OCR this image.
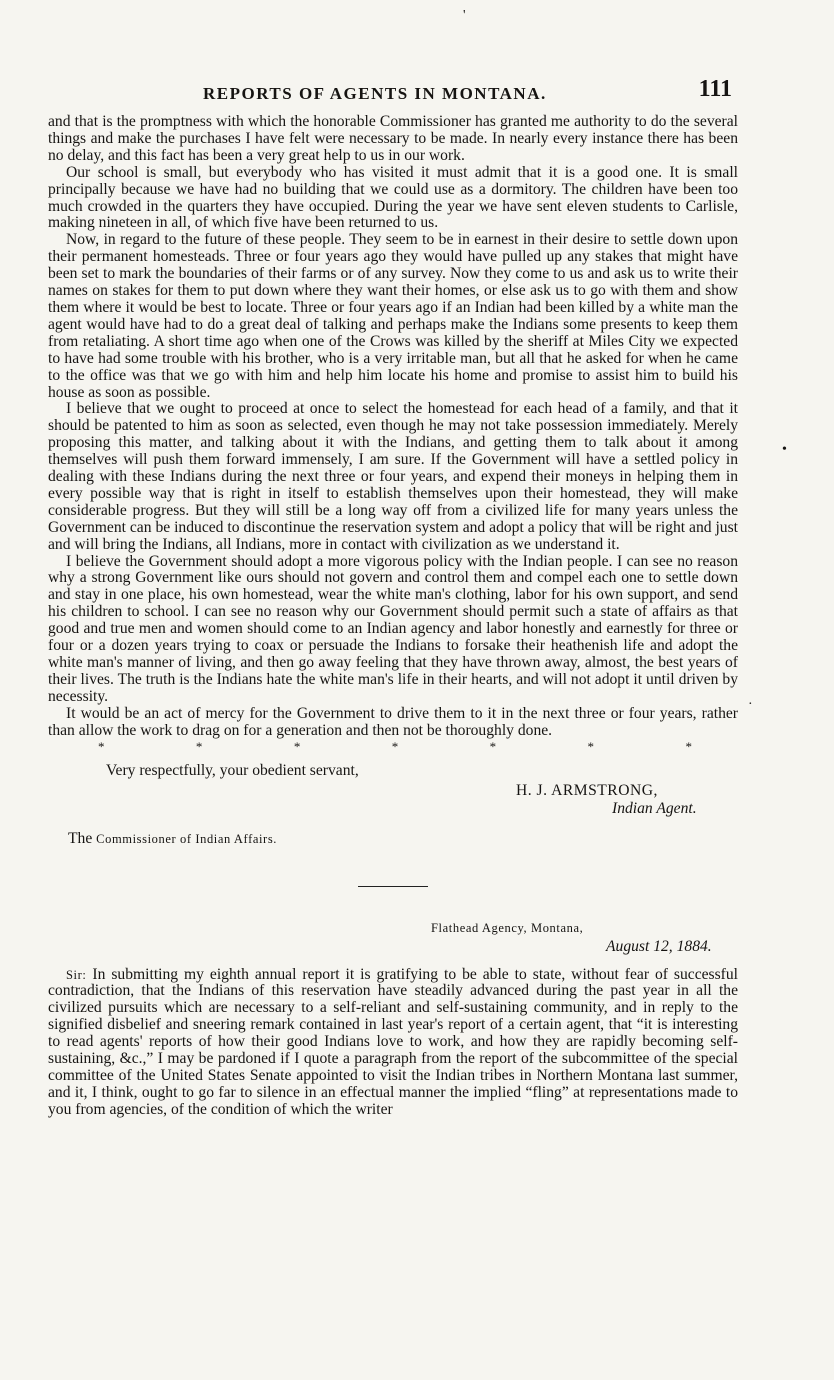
'
•
·
REPORTS OF AGENTS IN MONTANA.	111

and that is the promptness with which the honorable Commissioner has granted me authority to do the several things and make the purchases I have felt were necessary to be made. In nearly every instance there has been no delay, and this fact has been a very great help to us in our work.

Our school is small, but everybody who has visited it must admit that it is a good one. It is small principally because we have had no building that we could use as a dormitory. The children have been too much crowded in the quarters they have occupied. During the year we have sent eleven students to Carlisle, making nineteen in all, of which five have been returned to us.

Now, in regard to the future of these people. They seem to be in earnest in their desire to settle down upon their permanent homesteads. Three or four years ago they would have pulled up any stakes that might have been set to mark the boundaries of their farms or of any survey. Now they come to us and ask us to write their names on stakes for them to put down where they want their homes, or else ask us to go with them and show them where it would be best to locate. Three or four years ago if an Indian had been killed by a white man the agent would have had to do a great deal of talking and perhaps make the Indians some presents to keep them from retaliating. A short time ago when one of the Crows was killed by the sheriff at Miles City we expected to have had some trouble with his brother, who is a very irritable man, but all that he asked for when he came to the office was that we go with him and help him locate his home and promise to assist him to build his house as soon as possible.

I believe that we ought to proceed at once to select the homestead for each head of a family, and that it should be patented to him as soon as selected, even though he may not take possession immediately. Merely proposing this matter, and talking about it with the Indians, and getting them to talk about it among themselves will push them forward immensely, I am sure. If the Government will have a settled policy in dealing with these Indians during the next three or four years, and expend their moneys in helping them in every possible way that is right in itself to establish themselves upon their homestead, they will make considerable progress. But they will still be a long way off from a civilized life for many years unless the Government can be induced to discontinue the reservation system and adopt a policy that will be right and just and will bring the Indians, all Indians, more in contact with civilization as we understand it.

I believe the Government should adopt a more vigorous policy with the Indian people. I can see no reason why a strong Government like ours should not govern and control them and compel each one to settle down and stay in one place, his own homestead, wear the white man's clothing, labor for his own support, and send his children to school. I can see no reason why our Government should permit such a state of affairs as that good and true men and women should come to an Indian agency and labor honestly and earnestly for three or four or a dozen years trying to coax or persuade the Indians to forsake their heathenish life and adopt the white man's manner of living, and then go away feeling that they have thrown away, almost, the best years of their lives. The truth is the Indians hate the white man's life in their hearts, and will not adopt it until driven by necessity.

It would be an act of mercy for the Government to drive them to it in the next three or four years, rather than allow the work to drag on for a generation and then not be thoroughly done.

*	*	*	*	*	*	*
Very respectfully, your obedient servant,
H. J. ARMSTRONG,
Indian Agent.
The Commissioner of Indian Affairs.
Flathead Agency, Montana,
August 12, 1884.

Sir: In submitting my eighth annual report it is gratifying to be able to state, without fear of successful contradiction, that the Indians of this reservation have steadily advanced during the past year in all the civilized pursuits which are necessary to a self-reliant and self-sustaining community, and in reply to the signified disbelief and sneering remark contained in last year's report of a certain agent, that “it is interesting to read agents' reports of how their good Indians love to work, and how they are rapidly becoming self-sustaining, &c.,” I may be pardoned if I quote a paragraph from the report of the subcommittee of the special committee of the United States Senate appointed to visit the Indian tribes in Northern Montana last summer, and it, I think, ought to go far to silence in an effectual manner the implied “fling” at representations made to you from agencies, of the condition of which the writer
